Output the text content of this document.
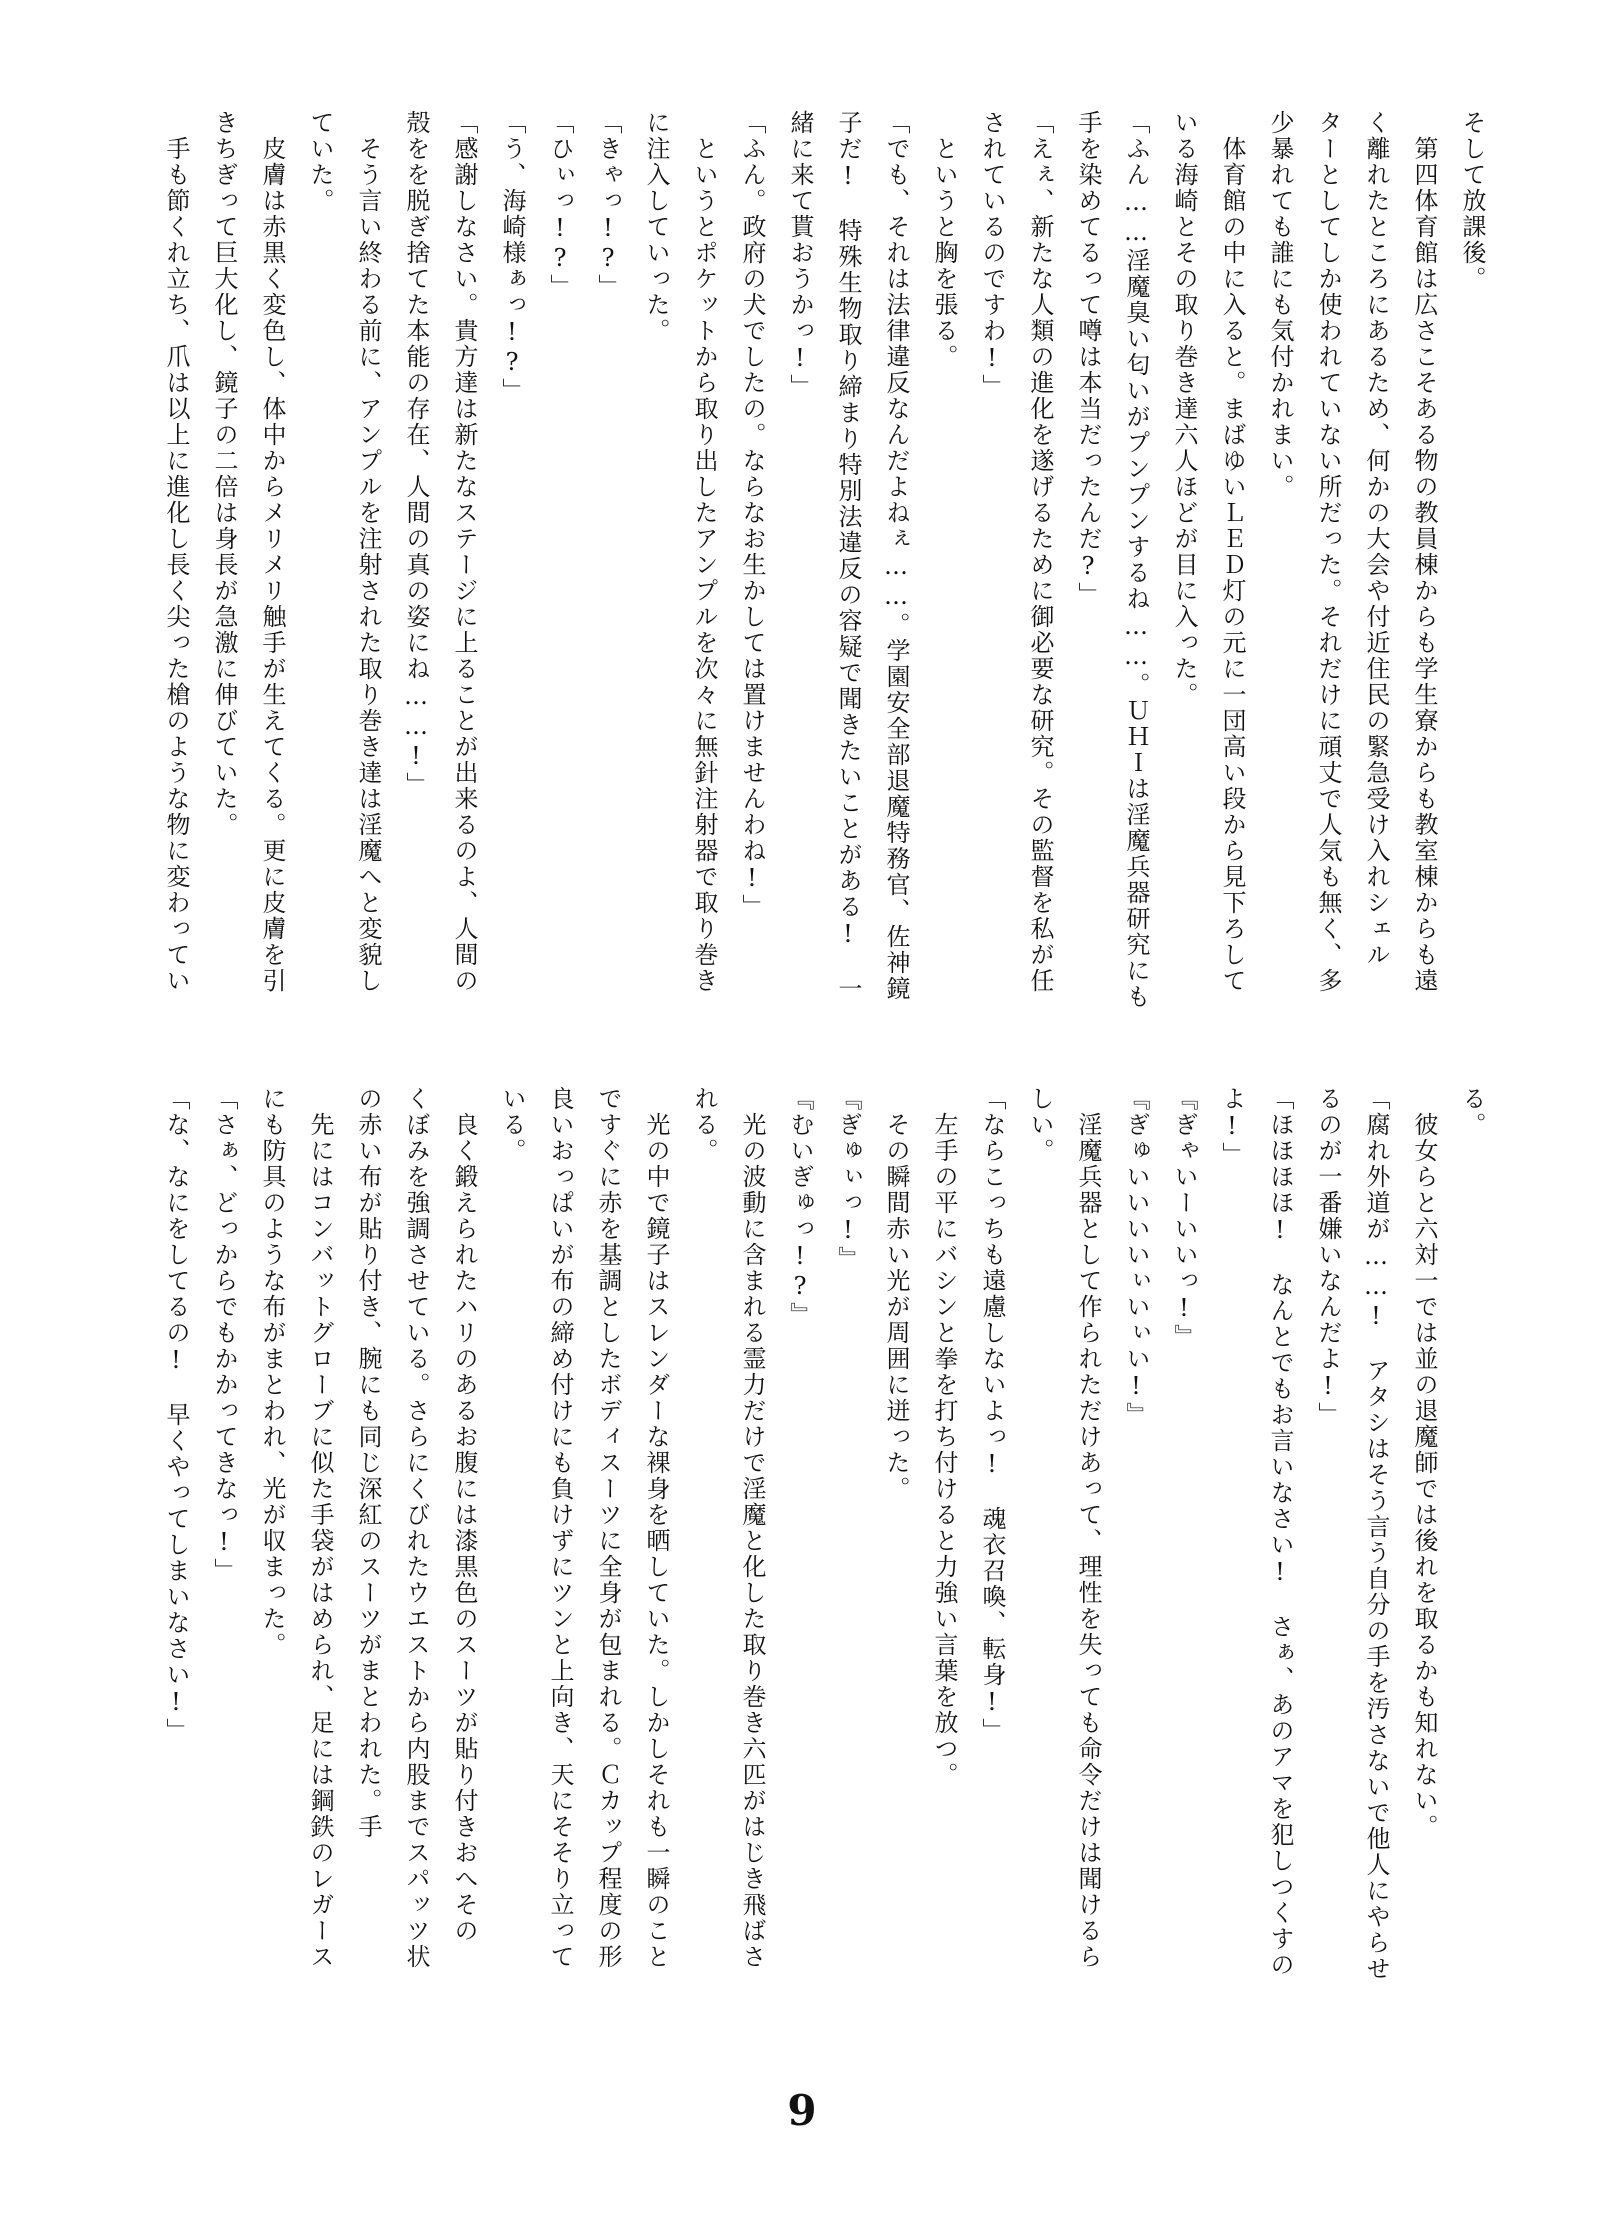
そして放課後。

　第四体育館は広さこそある物の教員棟からも学生寮からも教室棟からも遠

く離れたところにあるため、何かの大会や付近住民の緊急受け入れシェル

ターとしてしか使われていない所だった。それだけに頑丈で人気も無く、多

少暴れても誰にも気付かれまい。

　体育館の中に入ると。まばゆいＬＥＤ灯の元に一団高い段から見下ろして

いる海崎とその取り巻き達六人ほどが目に入った。

「ふん……淫魔臭い匂いがプンプンするね……。ＵＨＩは淫魔兵器研究にも

手を染めてるって噂は本当だったんだ?」

「えぇ、新たな人類の進化を遂げるために御必要な研究。その監督を私が任

されているのですわ!」

　というと胸を張る。

「でも、それは法律違反なんだよねぇ……。学園安全部退魔特務官、佐神鏡

子だ!　特殊生物取り締まり特別法違反の容疑で聞きたいことがある!　一

緒に来て貰おうかっ!」

「ふん。政府の犬でしたの。ならなお生かしては置けませんわね!」

　というとポケットから取り出したアンプルを次々に無針注射器で取り巻き

に注入していった。

「きゃっ!?」

「ひぃっ!?」

「う、海崎様ぁっ!?」

「感謝しなさい。貴方達は新たなステージに上ることが出来るのよ、人間の

殻をを脱ぎ捨てた本能の存在、人間の真の姿にね……!」

　そう言い終わる前に、アンプルを注射された取り巻き達は淫魔へと変貌し

ていた。

　皮膚は赤黒く変色し、体中からメリメリ触手が生えてくる。更に皮膚を引

きちぎって巨大化し、鏡子の二倍は身長が急激に伸びていた。

　手も節くれ立ち、爪は以上に進化し長く尖った槍のような物に変わってい

る。

　彼女らと六対一では並の退魔師では後れを取るかも知れない。

「腐れ外道が……!　アタシはそう言う自分の手を汚さないで他人にやらせ

るのが一番嫌いなんだよ!」

「ほほほほ!　なんとでもお言いなさい!　さぁ、あのアマを犯しつくすの

よ!」

『ぎゃいーいいっ!』

『ぎゅいいいいぃいぃい!』

　淫魔兵器として作られただけあって、理性を失っても命令だけは聞けるら

しい。

「ならこっちも遠慮しないよっ!　魂衣召喚、転身!」

　左手の平にバシンと拳を打ち付けると力強い言葉を放つ。

　その瞬間赤い光が周囲に迸った。

『ぎゅぃっ!』

『むいぎゅっ!?』

　光の波動に含まれる霊力だけで淫魔と化した取り巻き六匹がはじき飛ばさ

れる。

　光の中で鏡子はスレンダーな裸身を晒していた。しかしそれも一瞬のこと

ですぐに赤を基調としたボディスーツに全身が包まれる。Ｃカップ程度の形

良いおっぱいが布の締め付けにも負けずにツンと上向き、天にそそり立って

いる。

　良く鍛えられたハリのあるお腹には漆黒色のスーツが貼り付きおへその

くぼみを強調させている。さらにくびれたウエストから内股までスパッツ状

の赤い布が貼り付き、腕にも同じ深紅のスーツがまとわれた。手

　先にはコンバットグローブに似た手袋がはめられ、足には鋼鉄のレガース

にも防具のような布がまとわれ、光が収まった。

「さぁ、どっからでもかかってきなっ!」

「な、なにをしてるの!　早くやってしまいなさい!」

9
